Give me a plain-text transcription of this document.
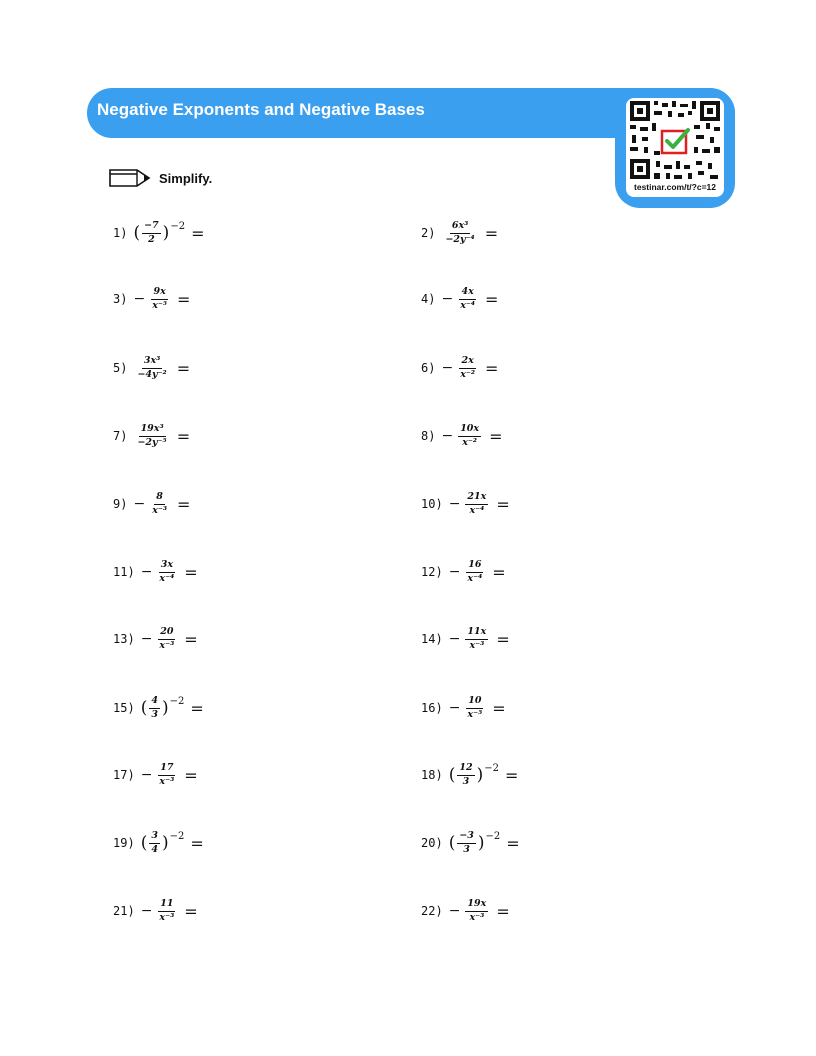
Negative Exponents and Negative Bases
testinar.com/t/?c=12
Simplify.
1) ( $\frac{-7}{2}$ ) −2 =	$2) \frac{\text{6x³}}{\text{−2y⁻⁴}}$ =
$3) - \frac{9x}{\text{x⁻⁵}}$ =	$4) - \frac{4x}{\text{x⁻⁴}}$ =
$5) \frac{\text{3x³}}{\text{−4y⁻²}}$ =	$6) - \frac{2x}{\text{x⁻²}}$ =
$7) \frac{\text{19x³}}{\text{−2y⁻⁵}}$ =	$8) - \frac{10x}{\text{x⁻²}}$ =
$9) - \frac{8}{\text{x⁻³}}$ =	$10) - \frac{21x}{\text{x⁻⁴}}$ =
$11) - \frac{3x}{\text{x⁻⁴}}$ =	$12) - \frac{16}{\text{x⁻⁴}}$ =
$13) - \frac{20}{\text{x⁻³}}$ =	$14) - \frac{11x}{\text{x⁻³}}$ =
15) ( $\frac{4}{3}$ ) −2 =	$16) - \frac{10}{\text{x⁻⁵}}$ =
$17) - \frac{17}{\text{x⁻³}}$ =	18) ( $\frac{12}{3}$ ) −2 =
19) ( $\frac{3}{4}$ ) −2 =	20) ( $\frac{-3}{3}$ ) −2 =
$21) - \frac{11}{\text{x⁻³}}$ =	$22) - \frac{19x}{\text{x⁻³}}$ =
